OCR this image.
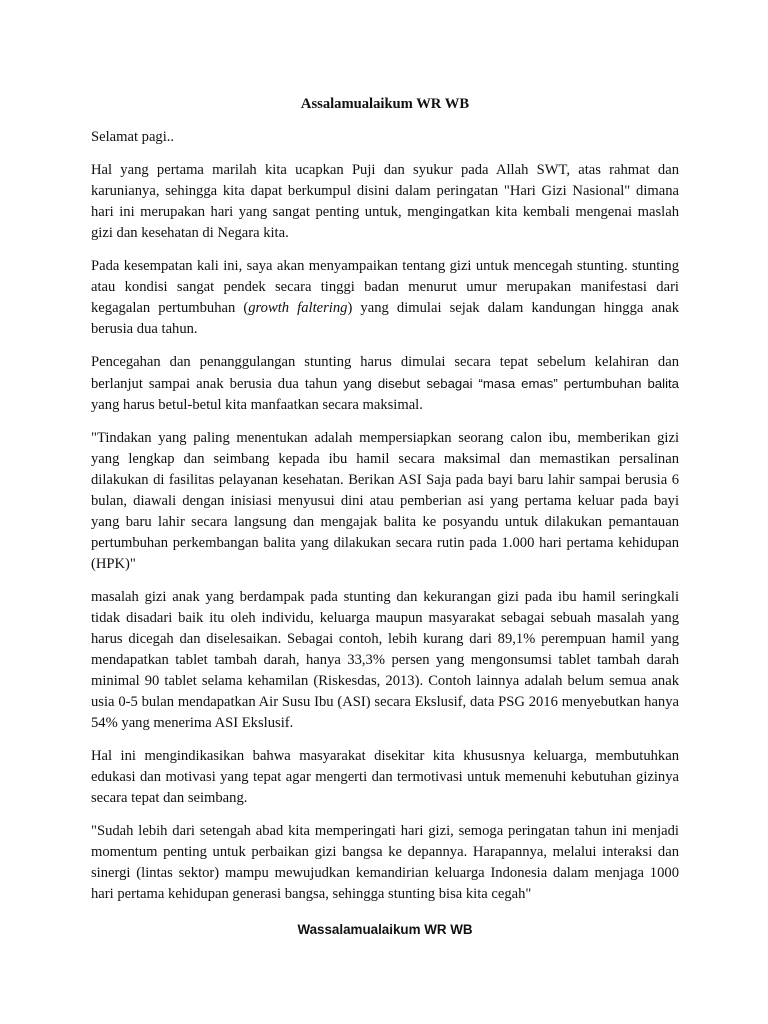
Assalamualaikum WR WB

Selamat pagi..

Hal yang pertama marilah kita ucapkan Puji dan syukur pada Allah SWT, atas rahmat dan karunianya, sehingga kita dapat berkumpul disini dalam peringatan "Hari Gizi Nasional" dimana hari ini merupakan hari yang sangat penting untuk, mengingatkan kita kembali mengenai maslah gizi dan kesehatan di Negara kita.

Pada kesempatan kali ini, saya akan menyampaikan tentang gizi untuk mencegah stunting. stunting atau kondisi sangat pendek secara tinggi badan menurut umur merupakan manifestasi dari kegagalan pertumbuhan (growth faltering) yang dimulai sejak dalam kandungan hingga anak berusia dua tahun.

Pencegahan dan penanggulangan stunting harus dimulai secara tepat sebelum kelahiran dan berlanjut sampai anak berusia dua tahun yang disebut sebagai “masa emas” pertumbuhan balita yang harus betul-betul kita manfaatkan secara maksimal.

"Tindakan yang paling menentukan adalah mempersiapkan seorang calon ibu, memberikan gizi yang lengkap dan seimbang kepada ibu hamil secara maksimal dan memastikan persalinan dilakukan di fasilitas pelayanan kesehatan. Berikan ASI Saja pada bayi baru lahir sampai berusia 6 bulan, diawali dengan inisiasi menyusui dini atau pemberian asi yang pertama keluar pada bayi yang baru lahir secara langsung dan mengajak balita ke posyandu untuk dilakukan pemantauan pertumbuhan perkembangan balita yang dilakukan secara rutin pada 1.000 hari pertama kehidupan (HPK)"

masalah gizi anak yang berdampak pada stunting dan kekurangan gizi pada ibu hamil seringkali tidak disadari baik itu oleh individu, keluarga maupun masyarakat sebagai sebuah masalah yang harus dicegah dan diselesaikan. Sebagai contoh, lebih kurang dari 89,1% perempuan hamil yang mendapatkan tablet tambah darah, hanya 33,3% persen yang mengonsumsi tablet tambah darah minimal 90 tablet selama kehamilan (Riskesdas, 2013). Contoh lainnya adalah belum semua anak usia 0-5 bulan mendapatkan Air Susu Ibu (ASI) secara Ekslusif, data PSG 2016 menyebutkan hanya 54% yang menerima ASI Ekslusif.

Hal ini mengindikasikan bahwa masyarakat disekitar kita khususnya keluarga, membutuhkan edukasi dan motivasi yang tepat agar mengerti dan termotivasi untuk memenuhi kebutuhan gizinya secara tepat dan seimbang.

"Sudah lebih dari setengah abad kita memperingati hari gizi, semoga peringatan tahun ini menjadi momentum penting untuk perbaikan gizi bangsa ke depannya. Harapannya, melalui interaksi dan sinergi (lintas sektor) mampu mewujudkan kemandirian keluarga Indonesia dalam menjaga 1000 hari pertama kehidupan generasi bangsa, sehingga stunting bisa kita cegah"

Wassalamualaikum WR WB
